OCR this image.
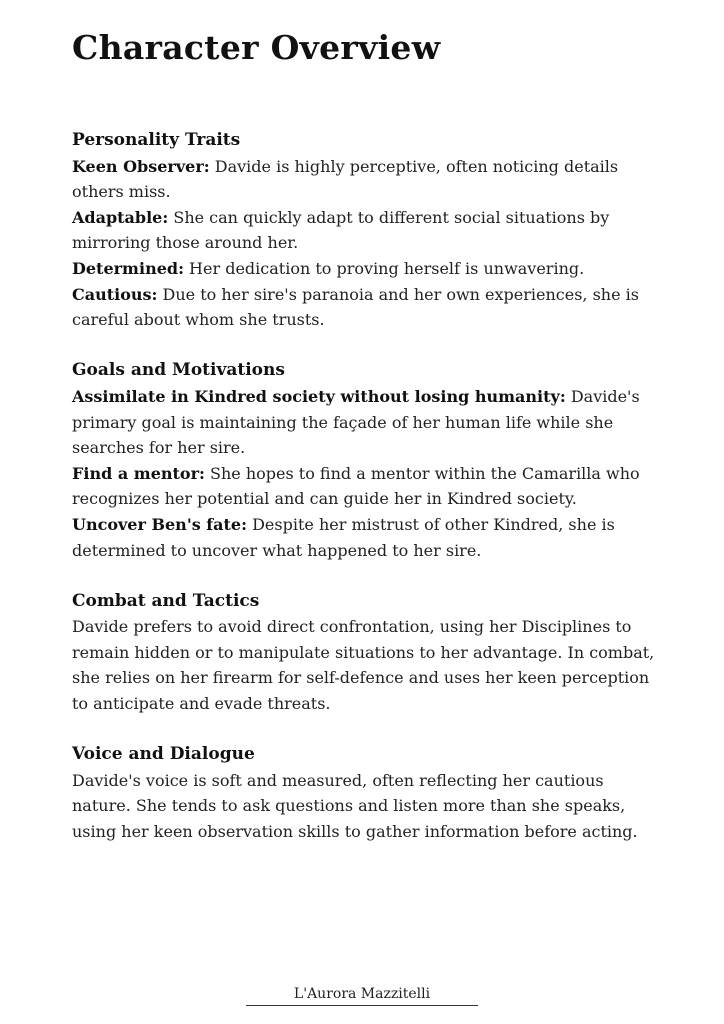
Character Overview
Personality Traits

Keen Observer: Davide is highly perceptive, often noticing details others miss.

Adaptable: She can quickly adapt to different social situations by mirroring those around her.

Determined: Her dedication to proving herself is unwavering.

Cautious: Due to her sire's paranoia and her own experiences, she is careful about whom she trusts.

Goals and Motivations

Assimilate in Kindred society without losing humanity: Davide's primary goal is maintaining the façade of her human life while she searches for her sire.

Find a mentor: She hopes to find a mentor within the Camarilla who recognizes her potential and can guide her in Kindred society.

Uncover Ben's fate: Despite her mistrust of other Kindred, she is determined to uncover what happened to her sire.

Combat and Tactics

Davide prefers to avoid direct confrontation, using her Disciplines to remain hidden or to manipulate situations to her advantage. In combat, she relies on her firearm for self-defence and uses her keen perception to anticipate and evade threats.

Voice and Dialogue

Davide's voice is soft and measured, often reflecting her cautious nature. She tends to ask questions and listen more than she speaks, using her keen observation skills to gather information before acting.

L'Aurora Mazzitelli
